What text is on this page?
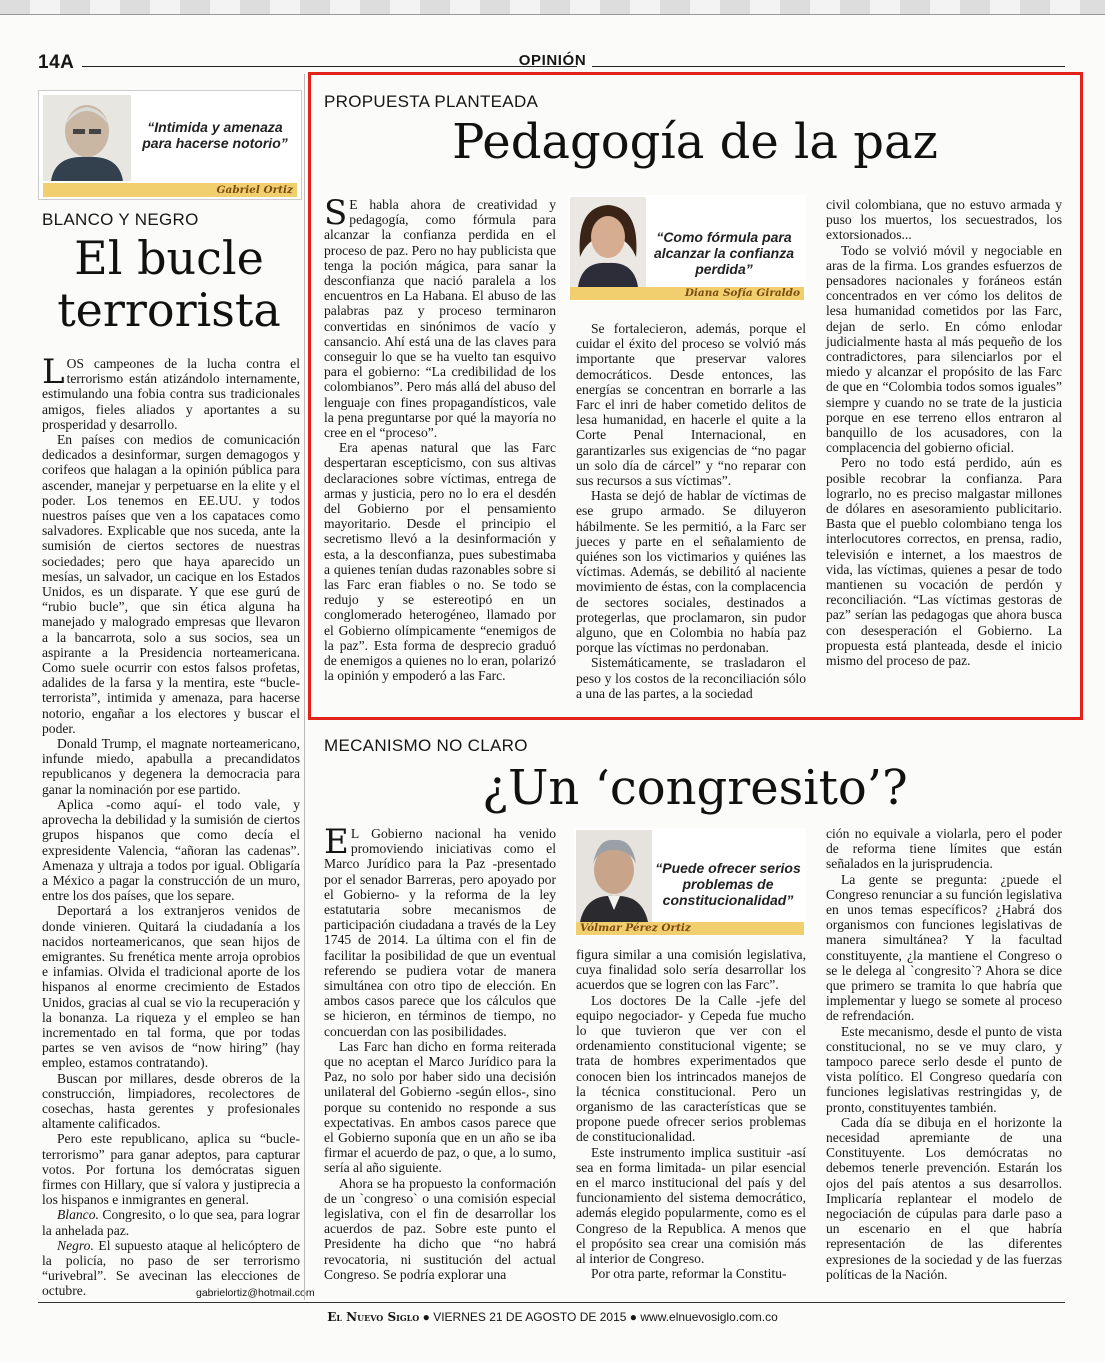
14A	OPINIÓN
“Intimida y amenaza para hacerse notorio”
Gabriel Ortiz
BLANCO Y NEGRO
El bucle terrorista

LOS campeones de la lucha contra el terrorismo están atizándolo internamente, estimulando una fobia contra sus tradicionales amigos, fieles aliados y aportantes a su prosperidad y desarrollo.

En países con medios de comunicación dedicados a desinformar, surgen demagogos y corifeos que halagan a la opinión pública para ascender, manejar y perpetuarse en la elite y el poder. Los tenemos en EE.UU. y todos nuestros países que ven a los capataces como salvadores. Explicable que nos suceda, ante la sumisión de ciertos sectores de nuestras sociedades; pero que haya aparecido un mesías, un salvador, un cacique en los Estados Unidos, es un disparate. Y que ese gurú de “rubio bucle”, que sin ética alguna ha manejado y malogrado empresas que llevaron a la bancarrota, solo a sus socios, sea un aspirante a la Presidencia norteamericana. Como suele ocurrir con estos falsos profetas, adalides de la farsa y la mentira, este “bucle-terrorista”, intimida y amenaza, para hacerse notorio, engañar a los electores y buscar el poder.

Donald Trump, el magnate norteamericano, infunde miedo, apabulla a precandidatos republicanos y degenera la democracia para ganar la nominación por ese partido.

Aplica -como aquí- el todo vale, y aprovecha la debilidad y la sumisión de ciertos grupos hispanos que como decía el expresidente Valencia, “añoran las cadenas”. Amenaza y ultraja a todos por igual. Obligaría a México a pagar la construcción de un muro, entre los dos países, que los separe.

Deportará a los extranjeros venidos de donde vinieren. Quitará la ciudadanía a los nacidos norteamericanos, que sean hijos de emigrantes. Su frenética mente arroja oprobios e infamias. Olvida el tradicional aporte de los hispanos al enorme crecimiento de Estados Unidos, gracias al cual se vio la recuperación y la bonanza. La riqueza y el empleo se han incrementado en tal forma, que por todas partes se ven avisos de “now hiring” (hay empleo, estamos contratando).

Buscan por millares, desde obreros de la construcción, limpiadores, recolectores de cosechas, hasta gerentes y profesionales altamente calificados.

Pero este republicano, aplica su “bucle-terrorismo” para ganar adeptos, para capturar votos. Por fortuna los demócratas siguen firmes con Hillary, que sí valora y justiprecia a los hispanos e inmigrantes en general.

Blanco. Congresito, o lo que sea, para lograr la anhelada paz.

Negro. El supuesto ataque al helicóptero de la policía, no paso de ser terrorismo “urivebral”. Se avecinan las elecciones de octubre.	gabrielortiz@hotmail.com
PROPUESTA PLANTEADA
Pedagogía de la paz

S E habla ahora de creatividad y pedagogía, como fórmula para alcanzar la confianza perdida en el proceso de paz. Pero no hay publicista que tenga la poción mágica, para sanar la desconfianza que nació paralela a los encuentros en La Habana. El abuso de las palabras paz y proceso terminaron convertidas en sinónimos de vacío y cansancio. Ahí está una de las claves para conseguir lo que se ha vuelto tan esquivo para el gobierno: “La credibilidad de los colombianos”. Pero más allá del abuso del lenguaje con fines propagandísticos, vale la pena preguntarse por qué la mayoría no cree en el “proceso”.

Era apenas natural que las Farc despertaran escepticismo, con sus altivas declaraciones sobre víctimas, entrega de armas y justicia, pero no lo era el desdén del Gobierno por el pensamiento mayoritario. Desde el principio el secretismo llevó a la desinformación y esta, a la desconfianza, pues subestimaba a quienes tenían dudas razonables sobre si las Farc eran fiables o no. Se todo se redujo y se estereotipó en un conglomerado heterogéneo, llamado por el Gobierno olímpicamente “enemigos de la paz”. Esta forma de desprecio graduó de enemigos a quienes no lo eran, polarizó la opinión y empoderó a las Farc.

“Como fórmula para alcanzar la confianza perdida”
Diana Sofía Giraldo

Se fortalecieron, además, porque el cuidar el éxito del proceso se volvió más importante que preservar valores democráticos. Desde entonces, las energías se concentran en borrarle a las Farc el inri de haber cometido delitos de lesa humanidad, en hacerle el quite a la Corte Penal Internacional, en garantizarles sus exigencias de “no pagar un solo día de cárcel” y “no reparar con sus recursos a sus víctimas”.

Hasta se dejó de hablar de víctimas de ese grupo armado. Se diluyeron hábilmente. Se les permitió, a la Farc ser jueces y parte en el señalamiento de quiénes son los victimarios y quiénes las víctimas. Además, se debilitó al naciente movimiento de éstas, con la complacencia de sectores sociales, destinados a protegerlas, que proclamaron, sin pudor alguno, que en Colombia no había paz porque las víctimas no perdonaban.

Sistemáticamente, se trasladaron el peso y los costos de la reconciliación sólo a una de las partes, a la sociedad

civil colombiana, que no estuvo armada y puso los muertos, los secuestrados, los extorsionados...

Todo se volvió móvil y negociable en aras de la firma. Los grandes esfuerzos de pensadores nacionales y foráneos están concentrados en ver cómo los delitos de lesa humanidad cometidos por las Farc, dejan de serlo. En cómo enlodar judicialmente hasta al más pequeño de los contradictores, para silenciarlos por el miedo y alcanzar el propósito de las Farc de que en “Colombia todos somos iguales” siempre y cuando no se trate de la justicia porque en ese terreno ellos entraron al banquillo de los acusadores, con la complacencia del gobierno oficial.

Pero no todo está perdido, aún es posible recobrar la confianza. Para lograrlo, no es preciso malgastar millones de dólares en asesoramiento publicitario. Basta que el pueblo colombiano tenga los interlocutores correctos, en prensa, radio, televisión e internet, a los maestros de vida, las víctimas, quienes a pesar de todo mantienen su vocación de perdón y reconciliación. “Las víctimas gestoras de paz” serían las pedagogas que ahora busca con desesperación el Gobierno. La propuesta está planteada, desde el inicio mismo del proceso de paz.

MECANISMO NO CLARO
¿Un ‘congresito’?

E L Gobierno nacional ha venido promoviendo iniciativas como el Marco Jurídico para la Paz -presentado por el senador Barreras, pero apoyado por el Gobierno- y la reforma de la ley estatutaria sobre mecanismos de participación ciudadana a través de la Ley 1745 de 2014. La última con el fin de facilitar la posibilidad de que un eventual referendo se pudiera votar de manera simultánea con otro tipo de elección. En ambos casos parece que los cálculos que se hicieron, en términos de tiempo, no concuerdan con las posibilidades.

Las Farc han dicho en forma reiterada que no aceptan el Marco Jurídico para la Paz, no solo por haber sido una decisión unilateral del Gobierno -según ellos-, sino porque su contenido no responde a sus expectativas. En ambos casos parece que el Gobierno suponía que en un año se iba firmar el acuerdo de paz, o que, a lo sumo, sería al año siguiente.

Ahora se ha propuesto la conformación de un `congreso` o una comisión especial legislativa, con el fin de desarrollar los acuerdos de paz. Sobre este punto el Presidente ha dicho que “no habrá revocatoria, ni sustitución del actual Congreso. Se podría explorar una

“Puede ofrecer serios problemas de constitucionalidad”
Vólmar Pérez Ortiz

figura similar a una comisión legislativa, cuya finalidad solo sería desarrollar los acuerdos que se logren con las Farc”.

Los doctores De la Calle -jefe del equipo negociador- y Cepeda fue mucho lo que tuvieron que ver con el ordenamiento constitucional vigente; se trata de hombres experimentados que conocen bien los intrincados manejos de la técnica constitucional. Pero un organismo de las características que se propone puede ofrecer serios problemas de constitucionalidad.

Este instrumento implica sustituir -así sea en forma limitada- un pilar esencial en el marco institucional del país y del funcionamiento del sistema democrático, además elegido popularmente, como es el Congreso de la Republica. A menos que el propósito sea crear una comisión más al interior de Congreso.

Por otra parte, reformar la Constitu-

ción no equivale a violarla, pero el poder de reforma tiene límites que están señalados en la jurisprudencia.

La gente se pregunta: ¿puede el Congreso renunciar a su función legislativa en unos temas específicos? ¿Habrá dos organismos con funciones legislativas de manera simultánea? Y la facultad constituyente, ¿la mantiene el Congreso o se le delega al `congresito`? Ahora se dice que primero se tramita lo que habría que implementar y luego se somete al proceso de refrendación.

Este mecanismo, desde el punto de vista constitucional, no se ve muy claro, y tampoco parece serlo desde el punto de vista político. El Congreso quedaría con funciones legislativas restringidas y, de pronto, constituyentes también.

Cada día se dibuja en el horizonte la necesidad apremiante de una Constituyente. Los demócratas no debemos tenerle prevención. Estarán los ojos del país atentos a sus desarrollos. Implicaría replantear el modelo de negociación de cúpulas para darle paso a un escenario en el que habría representación de las diferentes expresiones de la sociedad y de las fuerzas políticas de la Nación.

El Nuevo Siglo ● VIERNES 21 DE AGOSTO DE 2015 ● www.elnuevosiglo.com.co
